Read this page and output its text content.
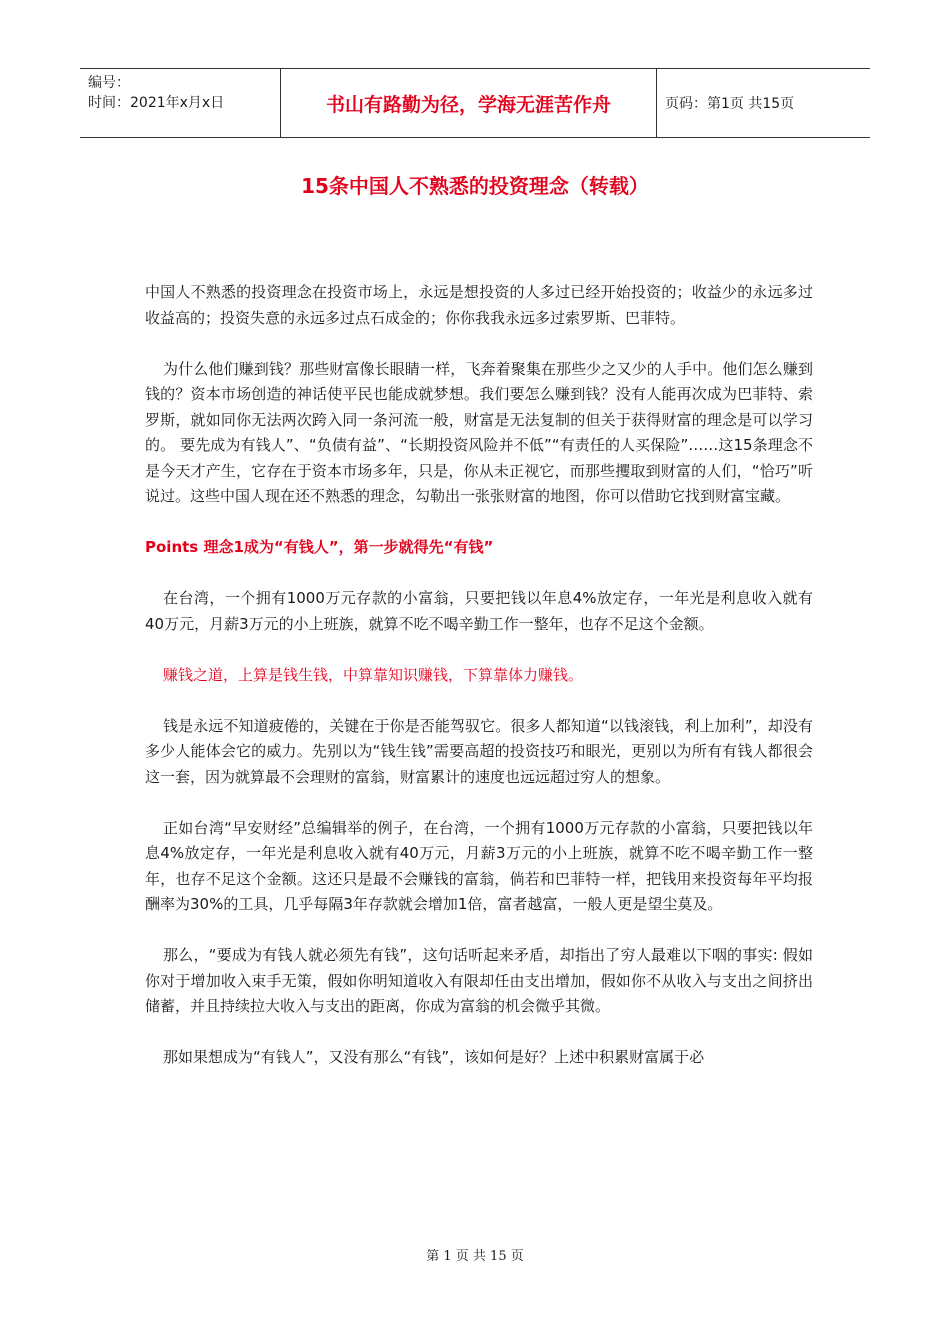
编号：
时间：2021年x月x日	书山有路勤为径，学海无涯苦作舟	页码：第1页 共15页
15条中国人不熟悉的投资理念（转载）

中国人不熟悉的投资理念在投资市场上，永远是想投资的人多过已经开始投资的；收益少的永远多过收益高的；投资失意的永远多过点石成金的；你你我我永远多过索罗斯、巴菲特。

为什么他们赚到钱？那些财富像长眼睛一样，飞奔着聚集在那些少之又少的人手中。他们怎么赚到钱的？资本市场创造的神话使平民也能成就梦想。我们要怎么赚到钱？没有人能再次成为巴菲特、索罗斯，就如同你无法两次跨入同一条河流一般，财富是无法复制的但关于获得财富的理念是可以学习的。 要先成为有钱人”、“负债有益”、“长期投资风险并不低”“有责任的人买保险”……这15条理念不是今天才产生，它存在于资本市场多年，只是，你从未正视它，而那些攫取到财富的人们，“恰巧”听说过。这些中国人现在还不熟悉的理念，勾勒出一张张财富的地图，你可以借助它找到财富宝藏。

Points 理念1成为“有钱人”，第一步就得先“有钱”

在台湾，一个拥有1000万元存款的小富翁，只要把钱以年息4%放定存，一年光是利息收入就有40万元，月薪3万元的小上班族，就算不吃不喝辛勤工作一整年，也存不足这个金额。

赚钱之道，上算是钱生钱，中算靠知识赚钱，下算靠体力赚钱。

钱是永远不知道疲倦的，关键在于你是否能驾驭它。很多人都知道“以钱滚钱，利上加利”，却没有多少人能体会它的威力。先别以为“钱生钱”需要高超的投资技巧和眼光，更别以为所有有钱人都很会这一套，因为就算最不会理财的富翁，财富累计的速度也远远超过穷人的想象。

正如台湾“早安财经”总编辑举的例子，在台湾，一个拥有1000万元存款的小富翁，只要把钱以年息4%放定存，一年光是利息收入就有40万元，月薪3万元的小上班族，就算不吃不喝辛勤工作一整年，也存不足这个金额。这还只是最不会赚钱的富翁，倘若和巴菲特一样，把钱用来投资每年平均报酬率为30%的工具，几乎每隔3年存款就会增加1倍，富者越富，一般人更是望尘莫及。

那么，“要成为有钱人就必须先有钱”，这句话听起来矛盾，却指出了穷人最难以下咽的事实: 假如你对于增加收入束手无策，假如你明知道收入有限却任由支出增加，假如你不从收入与支出之间挤出储蓄，并且持续拉大收入与支出的距离，你成为富翁的机会微乎其微。

那如果想成为“有钱人”，又没有那么“有钱”，该如何是好？上述中积累财富属于必

第 1 页 共 15 页
